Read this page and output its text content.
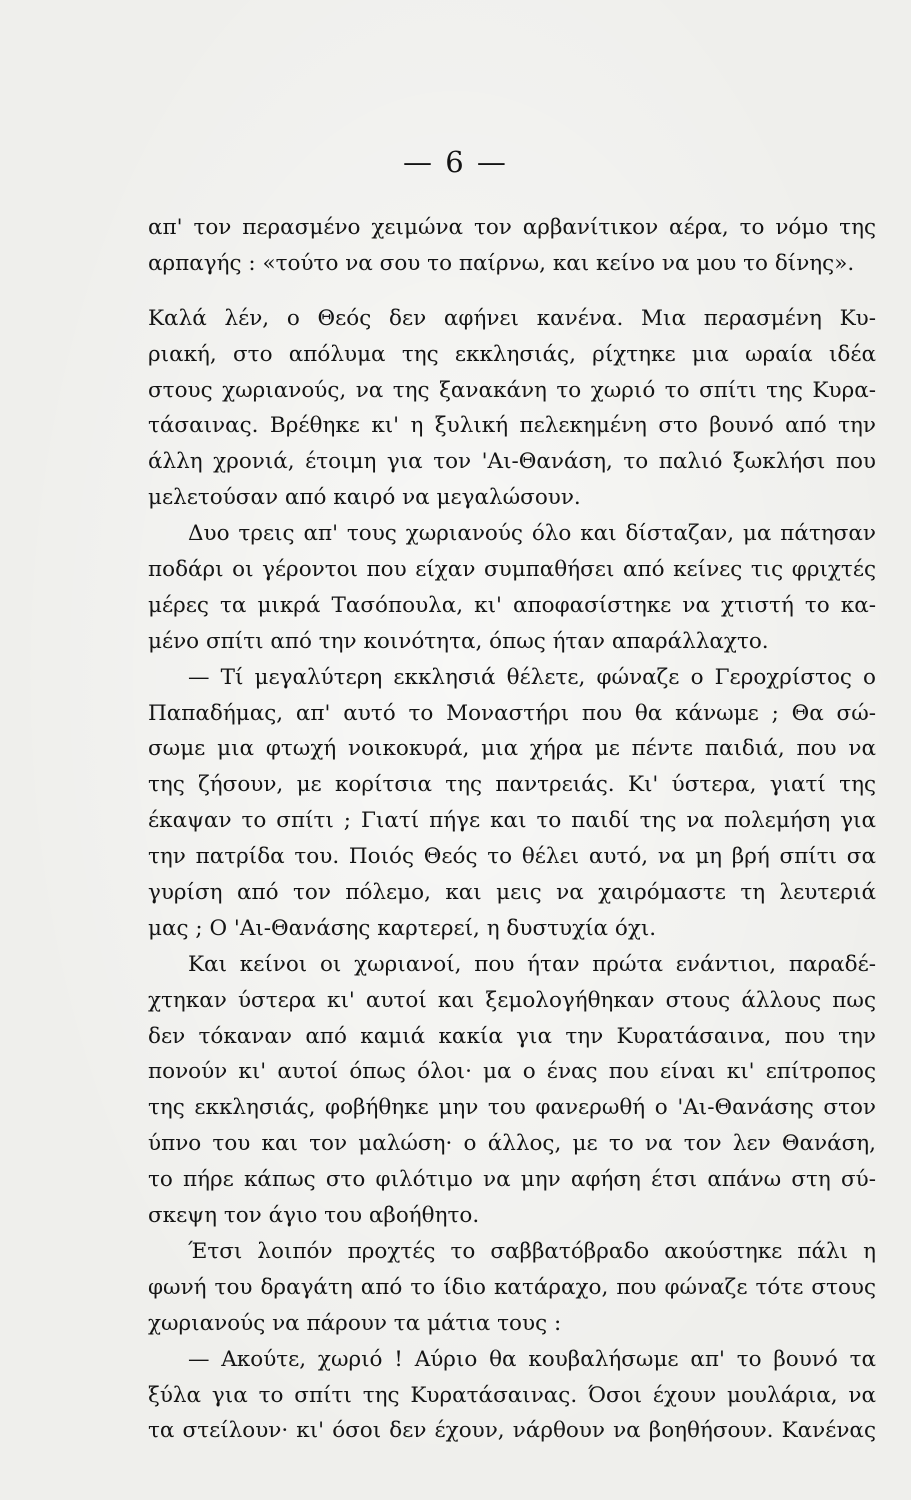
— 6 —
απ' τον περασμένο χειμώνα τον αρβανίτικον αέρα, το νόμο της
αρπαγής : «τούτο να σου το παίρνω, και κείνο να μου το δίνης».
Καλά λέν, ο Θεός δεν αφήνει κανένα. Μια περασμένη Κυ-
ριακή, στο απόλυμα της εκκλησιάς, ρίχτηκε μια ωραία ιδέα
στους χωριανούς, να της ξανακάνη το χωριό το σπίτι της Κυρα-
τάσαινας. Βρέθηκε κι' η ξυλική πελεκημένη στο βουνό από την
άλλη χρονιά, έτοιμη για τον 'Αι-Θανάση, το παλιό ξωκλήσι που
μελετούσαν από καιρό να μεγαλώσουν.
Δυο τρεις απ' τους χωριανούς όλο και δίσταζαν, μα πάτησαν
ποδάρι οι γέροντοι που είχαν συμπαθήσει από κείνες τις φριχτές
μέρες τα μικρά Τασόπουλα, κι' αποφασίστηκε να χτιστή το κα-
μένο σπίτι από την κοινότητα, όπως ήταν απαράλλαχτο.
— Τί μεγαλύτερη εκκλησιά θέλετε, φώναζε ο Γεροχρίστος ο
Παπαδήμας, απ' αυτό το Μοναστήρι που θα κάνωμε ; Θα σώ-
σωμε μια φτωχή νοικοκυρά, μια χήρα με πέντε παιδιά, που να
της ζήσουν, με κορίτσια της παντρειάς. Κι' ύστερα, γιατί της
έκαψαν το σπίτι ; Γιατί πήγε και το παιδί της να πολεμήση για
την πατρίδα του. Ποιός Θεός το θέλει αυτό, να μη βρή σπίτι σα
γυρίση από τον πόλεμο, και μεις να χαιρόμαστε τη λευτεριά
μας ; Ο 'Αι-Θανάσης καρτερεί, η δυστυχία όχι.
Και κείνοι οι χωριανοί, που ήταν πρώτα ενάντιοι, παραδέ-
χτηκαν ύστερα κι' αυτοί και ξεμολογήθηκαν στους άλλους πως
δεν τόκαναν από καμιά κακία για την Κυρατάσαινα, που την
πονούν κι' αυτοί όπως όλοι· μα ο ένας που είναι κι' επίτροπος
της εκκλησιάς, φοβήθηκε μην του φανερωθή ο 'Αι-Θανάσης στον
ύπνο του και τον μαλώση· ο άλλος, με το να τον λεν Θανάση,
το πήρε κάπως στο φιλότιμο να μην αφήση έτσι απάνω στη σύ-
σκεψη τον άγιο του αβοήθητο.
Έτσι λοιπόν προχτές το σαββατόβραδο ακούστηκε πάλι η
φωνή του δραγάτη από το ίδιο κατάραχο, που φώναζε τότε στους
χωριανούς να πάρουν τα μάτια τους :
— Ακούτε, χωριό ! Αύριο θα κουβαλήσωμε απ' το βουνό τα
ξύλα για το σπίτι της Κυρατάσαινας. Όσοι έχουν μουλάρια, να
τα στείλουν· κι' όσοι δεν έχουν, νάρθουν να βοηθήσουν. Κανένας
